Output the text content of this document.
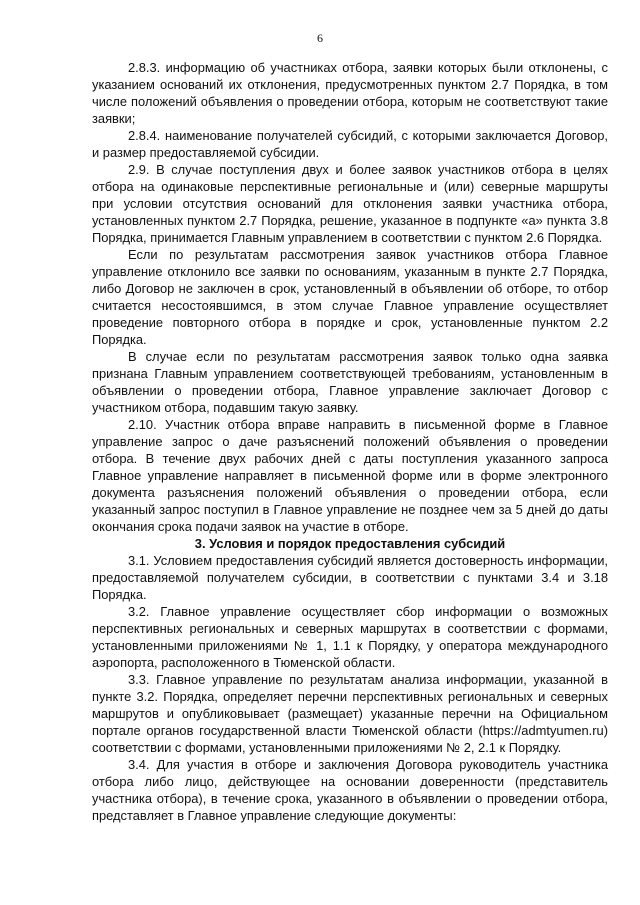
6

2.8.3. информацию об участниках отбора, заявки которых были отклонены, с указанием оснований их отклонения, предусмотренных пунктом 2.7 Порядка, в том числе положений объявления о проведении отбора, которым не соответствуют такие заявки;

2.8.4. наименование получателей субсидий, с которыми заключается Договор, и размер предоставляемой субсидии.

2.9. В случае поступления двух и более заявок участников отбора в целях отбора на одинаковые перспективные региональные и (или) северные маршруты при условии отсутствия оснований для отклонения заявки участника отбора, установленных пунктом 2.7 Порядка, решение, указанное в подпункте «а» пункта 3.8 Порядка, принимается Главным управлением в соответствии с пунктом 2.6 Порядка.

Если по результатам рассмотрения заявок участников отбора Главное управление отклонило все заявки по основаниям, указанным в пункте 2.7 Порядка, либо Договор не заключен в срок, установленный в объявлении об отборе, то отбор считается несостоявшимся, в этом случае Главное управление осуществляет проведение повторного отбора в порядке и срок, установленные пунктом 2.2 Порядка.

В случае если по результатам рассмотрения заявок только одна заявка признана Главным управлением соответствующей требованиям, установленным в объявлении о проведении отбора, Главное управление заключает Договор с участником отбора, подавшим такую заявку.

2.10. Участник отбора вправе направить в письменной форме в Главное управление запрос о даче разъяснений положений объявления о проведении отбора. В течение двух рабочих дней с даты поступления указанного запроса Главное управление направляет в письменной форме или в форме электронного документа разъяснения положений объявления о проведении отбора, если указанный запрос поступил в Главное управление не позднее чем за 5 дней до даты окончания срока подачи заявок на участие в отборе.

3. Условия и порядок предоставления субсидий

3.1. Условием предоставления субсидий является достоверность информации, предоставляемой получателем субсидии, в соответствии с пунктами 3.4 и 3.18 Порядка.

3.2. Главное управление осуществляет сбор информации о возможных перспективных региональных и северных маршрутах в соответствии с формами, установленными приложениями № 1, 1.1 к Порядку, у оператора международного аэропорта, расположенного в Тюменской области.

3.3. Главное управление по результатам анализа информации, указанной в пункте 3.2. Порядка, определяет перечни перспективных региональных и северных маршрутов и опубликовывает (размещает) указанные перечни на Официальном портале органов государственной власти Тюменской области (https://admtyumen.ru) соответствии с формами, установленными приложениями № 2, 2.1 к Порядку.

3.4. Для участия в отборе и заключения Договора руководитель участника отбора либо лицо, действующее на основании доверенности (представитель участника отбора), в течение срока, указанного в объявлении о проведении отбора, представляет в Главное управление следующие документы:
